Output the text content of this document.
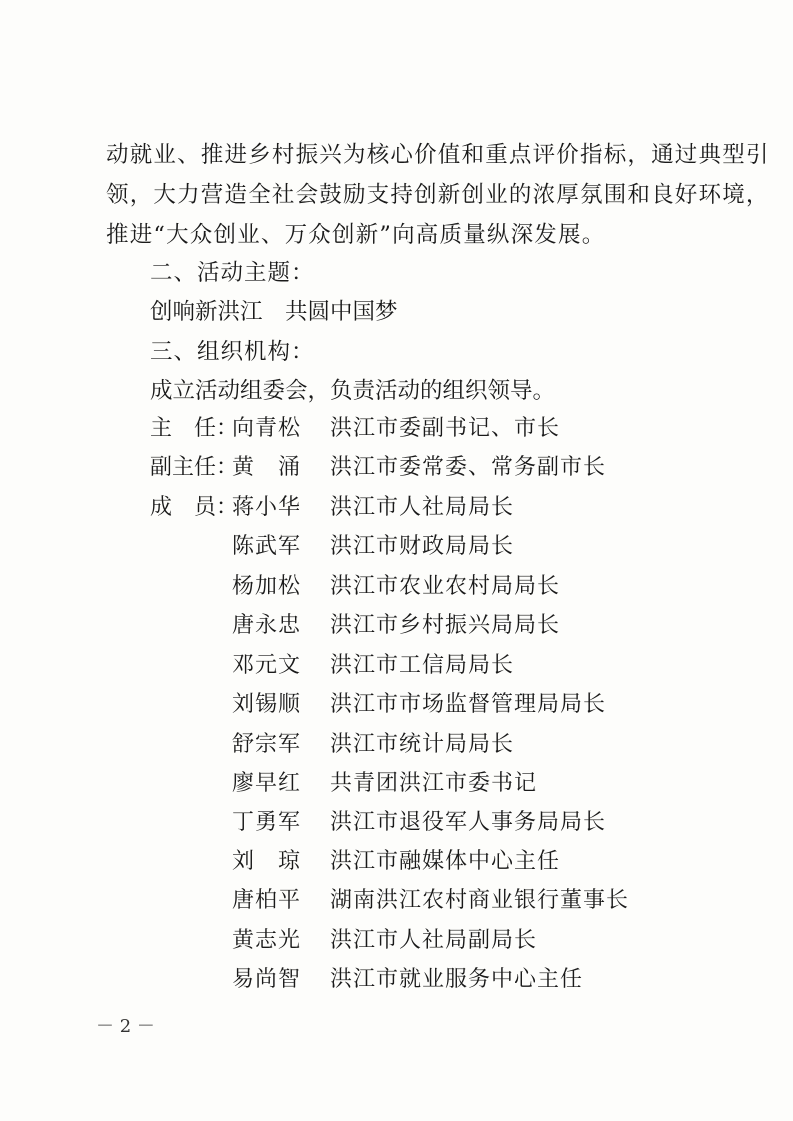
动就业、推进乡村振兴为核心价值和重点评价指标，通过典型引
领，大力营造全社会鼓励支持创新创业的浓厚氛围和良好环境，
推进“大众创业、万众创新”向高质量纵深发展。
二、活动主题：
创响新洪江　共圆中国梦
三、组织机构：
成立活动组委会，负责活动的组织领导。
主　任：
向青松	洪江市委副书记、市长
副主任：
黄　涌	洪江市委常委、常务副市长
成　员：
蒋小华	洪江市人社局局长
陈武军	洪江市财政局局长
杨加松	洪江市农业农村局局长
唐永忠	洪江市乡村振兴局局长
邓元文	洪江市工信局局长
刘锡顺	洪江市市场监督管理局局长
舒宗军	洪江市统计局局长
廖早红	共青团洪江市委书记
丁勇军	洪江市退役军人事务局局长
刘　琼	洪江市融媒体中心主任
唐柏平	湖南洪江农村商业银行董事长
黄志光	洪江市人社局副局长
易尚智	洪江市就业服务中心主任
－ 2 －
